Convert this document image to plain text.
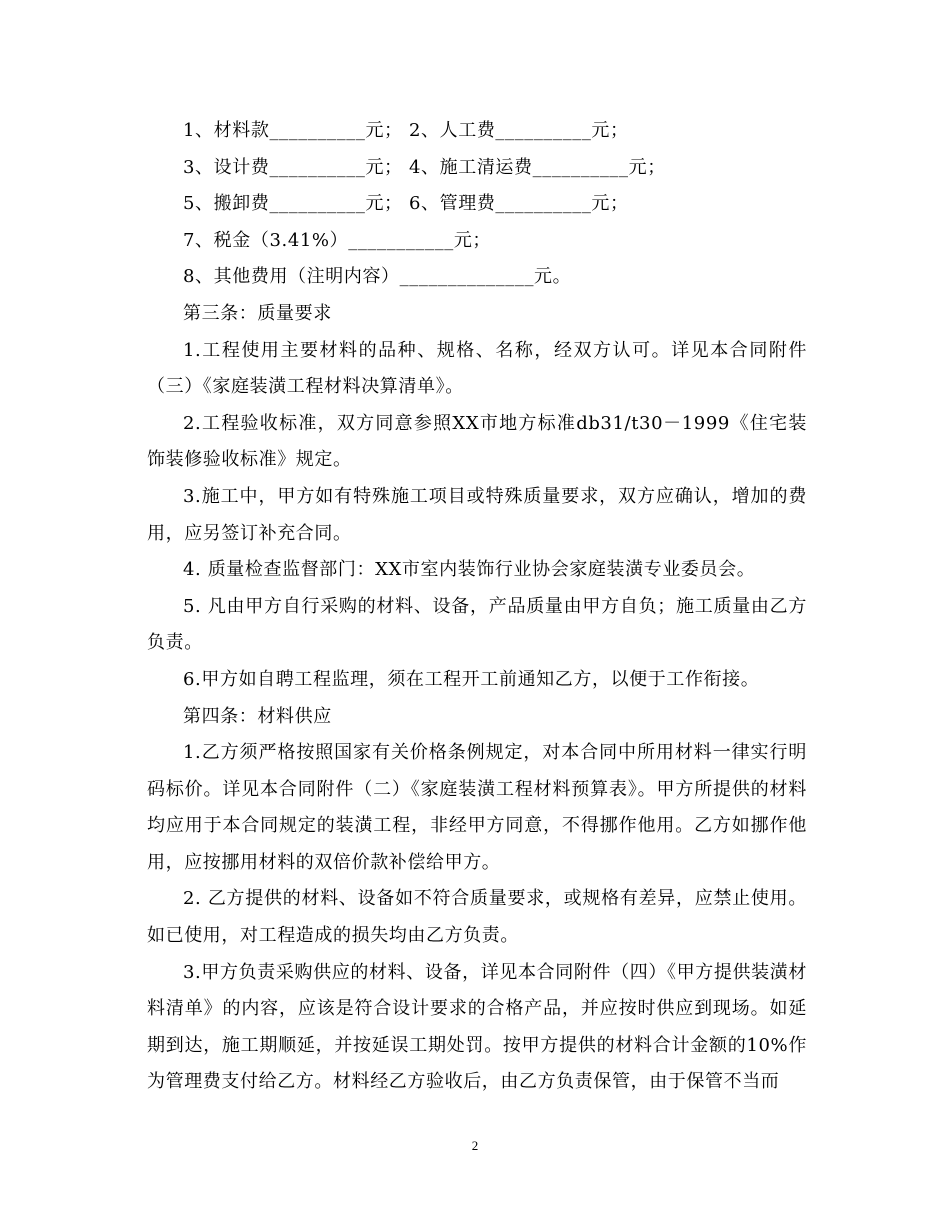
1、材料款__________元； 2、人工费__________元；
3、设计费__________元； 4、施工清运费__________元；
5、搬卸费__________元； 6、管理费__________元；
7、税金（3.41%）___________元；
8、其他费用（注明内容）______________元。
第三条：质量要求

1.工程使用主要材料的品种、规格、名称，经双方认可。详见本合同附件（三）《家庭装潢工程材料决算清单》。

2.工程验收标准，双方同意参照XX市地方标准db31/t30－1999《住宅装饰装修验收标准》规定。

3.施工中，甲方如有特殊施工项目或特殊质量要求，双方应确认，增加的费用，应另签订补充合同。

4. 质量检查监督部门：XX市室内装饰行业协会家庭装潢专业委员会。

5. 凡由甲方自行采购的材料、设备，产品质量由甲方自负；施工质量由乙方负责。

6.甲方如自聘工程监理，须在工程开工前通知乙方，以便于工作衔接。

第四条：材料供应

1.乙方须严格按照国家有关价格条例规定，对本合同中所用材料一律实行明码标价。详见本合同附件（二）《家庭装潢工程材料预算表》。甲方所提供的材料均应用于本合同规定的装潢工程，非经甲方同意，不得挪作他用。乙方如挪作他用，应按挪用材料的双倍价款补偿给甲方。

2. 乙方提供的材料、设备如不符合质量要求，或规格有差异，应禁止使用。如已使用，对工程造成的损失均由乙方负责。

3.甲方负责采购供应的材料、设备，详见本合同附件（四）《甲方提供装潢材料清单》的内容，应该是符合设计要求的合格产品，并应按时供应到现场。如延期到达，施工期顺延，并按延误工期处罚。按甲方提供的材料合计金额的10%作为管理费支付给乙方。材料经乙方验收后，由乙方负责保管，由于保管不当而

2
